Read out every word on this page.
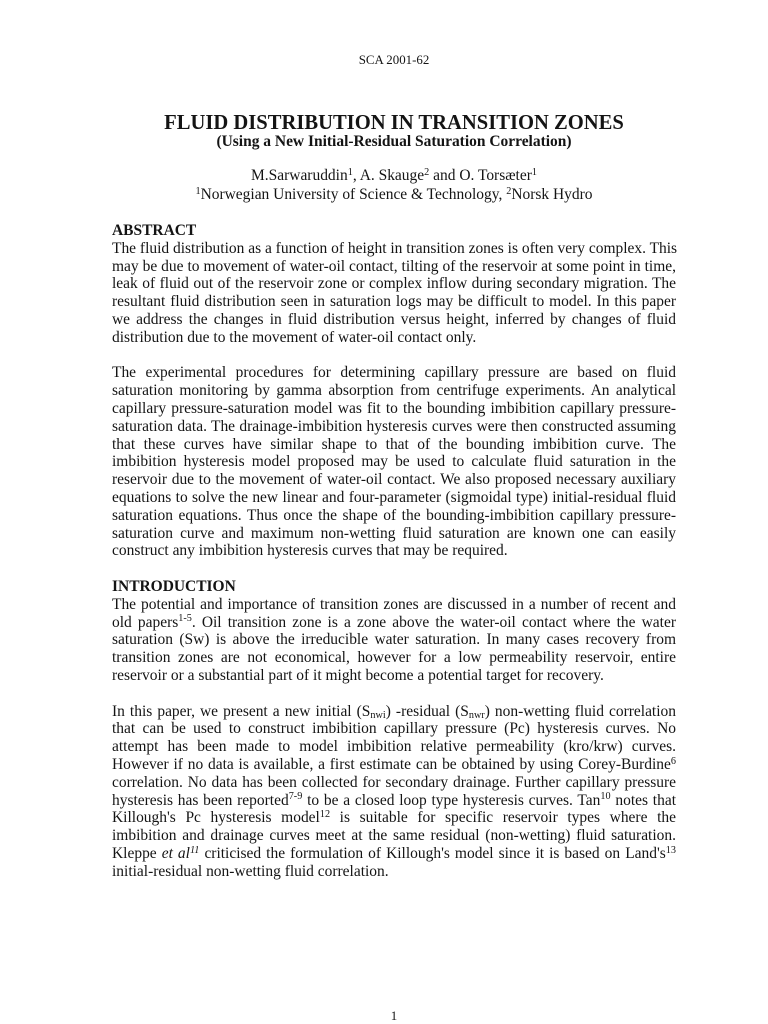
SCA 2001-62
FLUID DISTRIBUTION IN TRANSITION ZONES
(Using a New Initial-Residual Saturation Correlation)
M.Sarwaruddin$^1$, A. Skauge$^2$ and O. Torsæter$^1$
$^1$Norwegian University of Science & Technology, $^2$Norsk Hydro
ABSTRACT
The fluid distribution as a function of height in transition zones is often very complex. This
may be due to movement of water-oil contact, tilting of the reservoir at some point in time,
leak of fluid out of the reservoir zone or complex inflow during secondary migration. The
resultant fluid distribution seen in saturation logs may be difficult to model. In this paper
we address the changes in fluid distribution versus height, inferred by changes of fluid
distribution due to the movement of water-oil contact only.
The experimental procedures for determining capillary pressure are based on fluid
saturation monitoring by gamma absorption from centrifuge experiments. An analytical
capillary pressure-saturation model was fit to the bounding imbibition capillary pressure-
saturation data. The drainage-imbibition hysteresis curves were then constructed assuming
that these curves have similar shape to that of the bounding imbibition curve. The
imbibition hysteresis model proposed may be used to calculate fluid saturation in the
reservoir due to the movement of water-oil contact. We also proposed necessary auxiliary
equations to solve the new linear and four-parameter (sigmoidal type) initial-residual fluid
saturation equations. Thus once the shape of the bounding-imbibition capillary pressure-
saturation curve and maximum non-wetting fluid saturation are known one can easily
construct any imbibition hysteresis curves that may be required.
INTRODUCTION
The potential and importance of transition zones are discussed in a number of recent and
old papers$^{1-5}$. Oil transition zone is a zone above the water-oil contact where the water
saturation (Sw) is above the irreducible water saturation. In many cases recovery from
transition zones are not economical, however for a low permeability reservoir, entire
reservoir or a substantial part of it might become a potential target for recovery.
In this paper, we present a new initial (Snwi) -residual (Snwr) non-wetting fluid correlation
that can be used to construct imbibition capillary pressure (Pc) hysteresis curves. No
attempt has been made to model imbibition relative permeability (kro/krw) curves.
However if no data is available, a first estimate can be obtained by using Corey-Burdine$^6$
correlation. No data has been collected for secondary drainage. Further capillary pressure
hysteresis has been reported$^{7-9}$ to be a closed loop type hysteresis curves. Tan$^{10}$ notes that
Killough's Pc hysteresis model$^{12}$ is suitable for specific reservoir types where the
imbibition and drainage curves meet at the same residual (non-wetting) fluid saturation.
Kleppe et $al^{11}$ criticised the formulation of Killough's model since it is based on $Land's^{13}$
initial-residual non-wetting fluid correlation.
1
